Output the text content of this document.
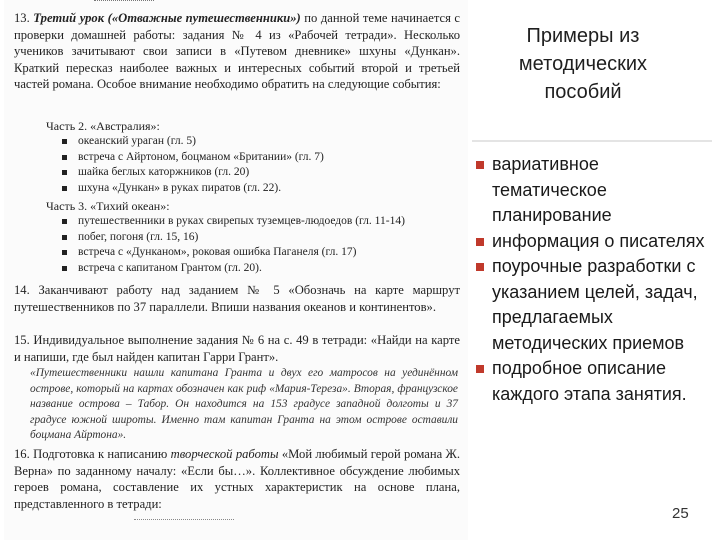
13. Третий урок («Отважные путешественники») по данной теме начинается с проверки домашней работы: задания № 4 из «Рабочей тетради». Несколько учеников зачитывают свои записи в «Путевом дневнике» шхуны «Дункан». Краткий пересказ наиболее важных и интересных событий второй и третьей частей романа. Особое внимание необходимо обратить на следующие события:
Часть 2. «Австралия»:
океанский ураган (гл. 5)
встреча с Айртоном, боцманом «Британии» (гл. 7)
шайка беглых каторжников (гл. 20)
шхуна «Дункан» в руках пиратов (гл. 22).
Часть 3. «Тихий океан»:
путешественники в руках свирепых туземцев-людоедов (гл. 11-14)
побег, погоня (гл. 15, 16)
встреча с «Дунканом», роковая ошибка Паганеля (гл. 17)
встреча с капитаном Грантом (гл. 20).
14. Заканчивают работу над заданием № 5 «Обозначь на карте маршрут путешественников по 37 параллели. Впиши названия океанов и континентов».
15. Индивидуальное выполнение задания № 6 на с. 49 в тетради: «Найди на карте и напиши, где был найден капитан Гарри Грант».
«Путешественники нашли капитана Гранта и двух его матросов на уединённом острове, который на картах обозначен как риф «Мария-Тереза». Вторая, французское название острова – Табор. Он находится на 153 градусе западной долготы и 37 градусе южной широты. Именно там капитан Гранта на этом острове оставили боцмана Айртона».
16. Подготовка к написанию творческой работы «Мой любимый герой романа Ж. Верна» по заданному началу: «Если бы…». Коллективное обсуждение любимых героев романа, составление их устных характеристик на основе плана, представленного в тетради:
Примеры из методических пособий
вариативное тематическое планирование
информация о писателях
поурочные разработки с указанием целей, задач, предлагаемых методических приемов
подробное описание каждого этапа занятия.
25
